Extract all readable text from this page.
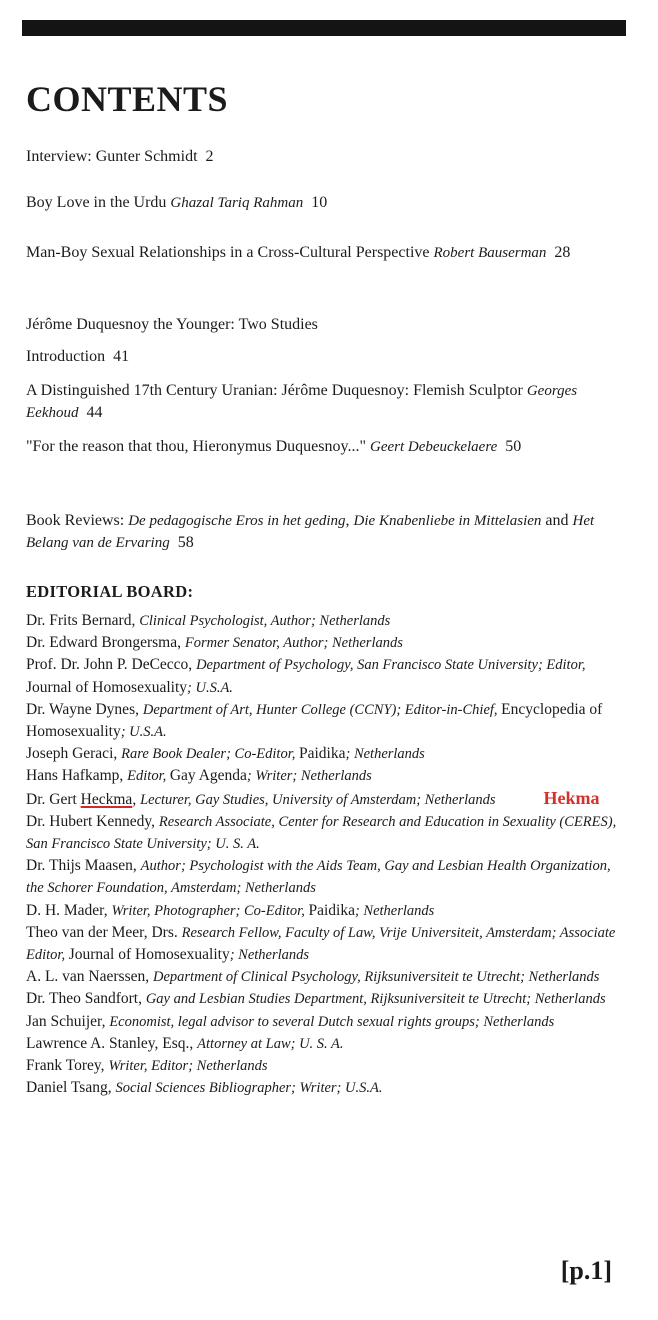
CONTENTS

Interview: Gunter Schmidt 2

Boy Love in the Urdu Ghazal Tariq Rahman 10

Man-Boy Sexual Relationships in a Cross-Cultural Perspective Robert Bauserman 28

Jérôme Duquesnoy the Younger: Two Studies

Introduction 41

A Distinguished 17th Century Uranian: Jérôme Duquesnoy: Flemish Sculptor Georges Eekhoud 44

"For the reason that thou, Hieronymus Duquesnoy..." Geert Debeuckelaere 50

Book Reviews: De pedagogische Eros in het geding, Die Knabenliebe in Mittelasien and Het Belang van de Ervaring 58

EDITORIAL BOARD:
Dr. Frits Bernard, Clinical Psychologist, Author; Netherlands
Dr. Edward Brongersma, Former Senator, Author; Netherlands
Prof. Dr. John P. DeCecco, Department of Psychology, San Francisco State University; Editor, Journal of Homosexuality; U.S.A.
Dr. Wayne Dynes, Department of Art, Hunter College (CCNY); Editor-in-Chief, Encyclopedia of Homosexuality; U.S.A.
Joseph Geraci, Rare Book Dealer; Co-Editor, Paidika; Netherlands
Hans Hafkamp, Editor, Gay Agenda; Writer; Netherlands
Dr. Gert Heckma, Lecturer, Gay Studies, University of Amsterdam; Netherlands	Hekma
Dr. Hubert Kennedy, Research Associate, Center for Research and Education in Sexuality (CERES), San Francisco State University; U. S. A.
Dr. Thijs Maasen, Author; Psychologist with the Aids Team, Gay and Lesbian Health Organization, the Schorer Foundation, Amsterdam; Netherlands
D. H. Mader, Writer, Photographer; Co-Editor, Paidika; Netherlands
Theo van der Meer, Drs. Research Fellow, Faculty of Law, Vrije Universiteit, Amsterdam; Associate Editor, Journal of Homosexuality; Netherlands
A. L. van Naerssen, Department of Clinical Psychology, Rijksuniversiteit te Utrecht; Netherlands
Dr. Theo Sandfort, Gay and Lesbian Studies Department, Rijksuniversiteit te Utrecht; Netherlands
Jan Schuijer, Economist, legal advisor to several Dutch sexual rights groups; Netherlands
Lawrence A. Stanley, Esq., Attorney at Law; U. S. A.
Frank Torey, Writer, Editor; Netherlands
Daniel Tsang, Social Sciences Bibliographer; Writer; U.S.A.
[p.1]
